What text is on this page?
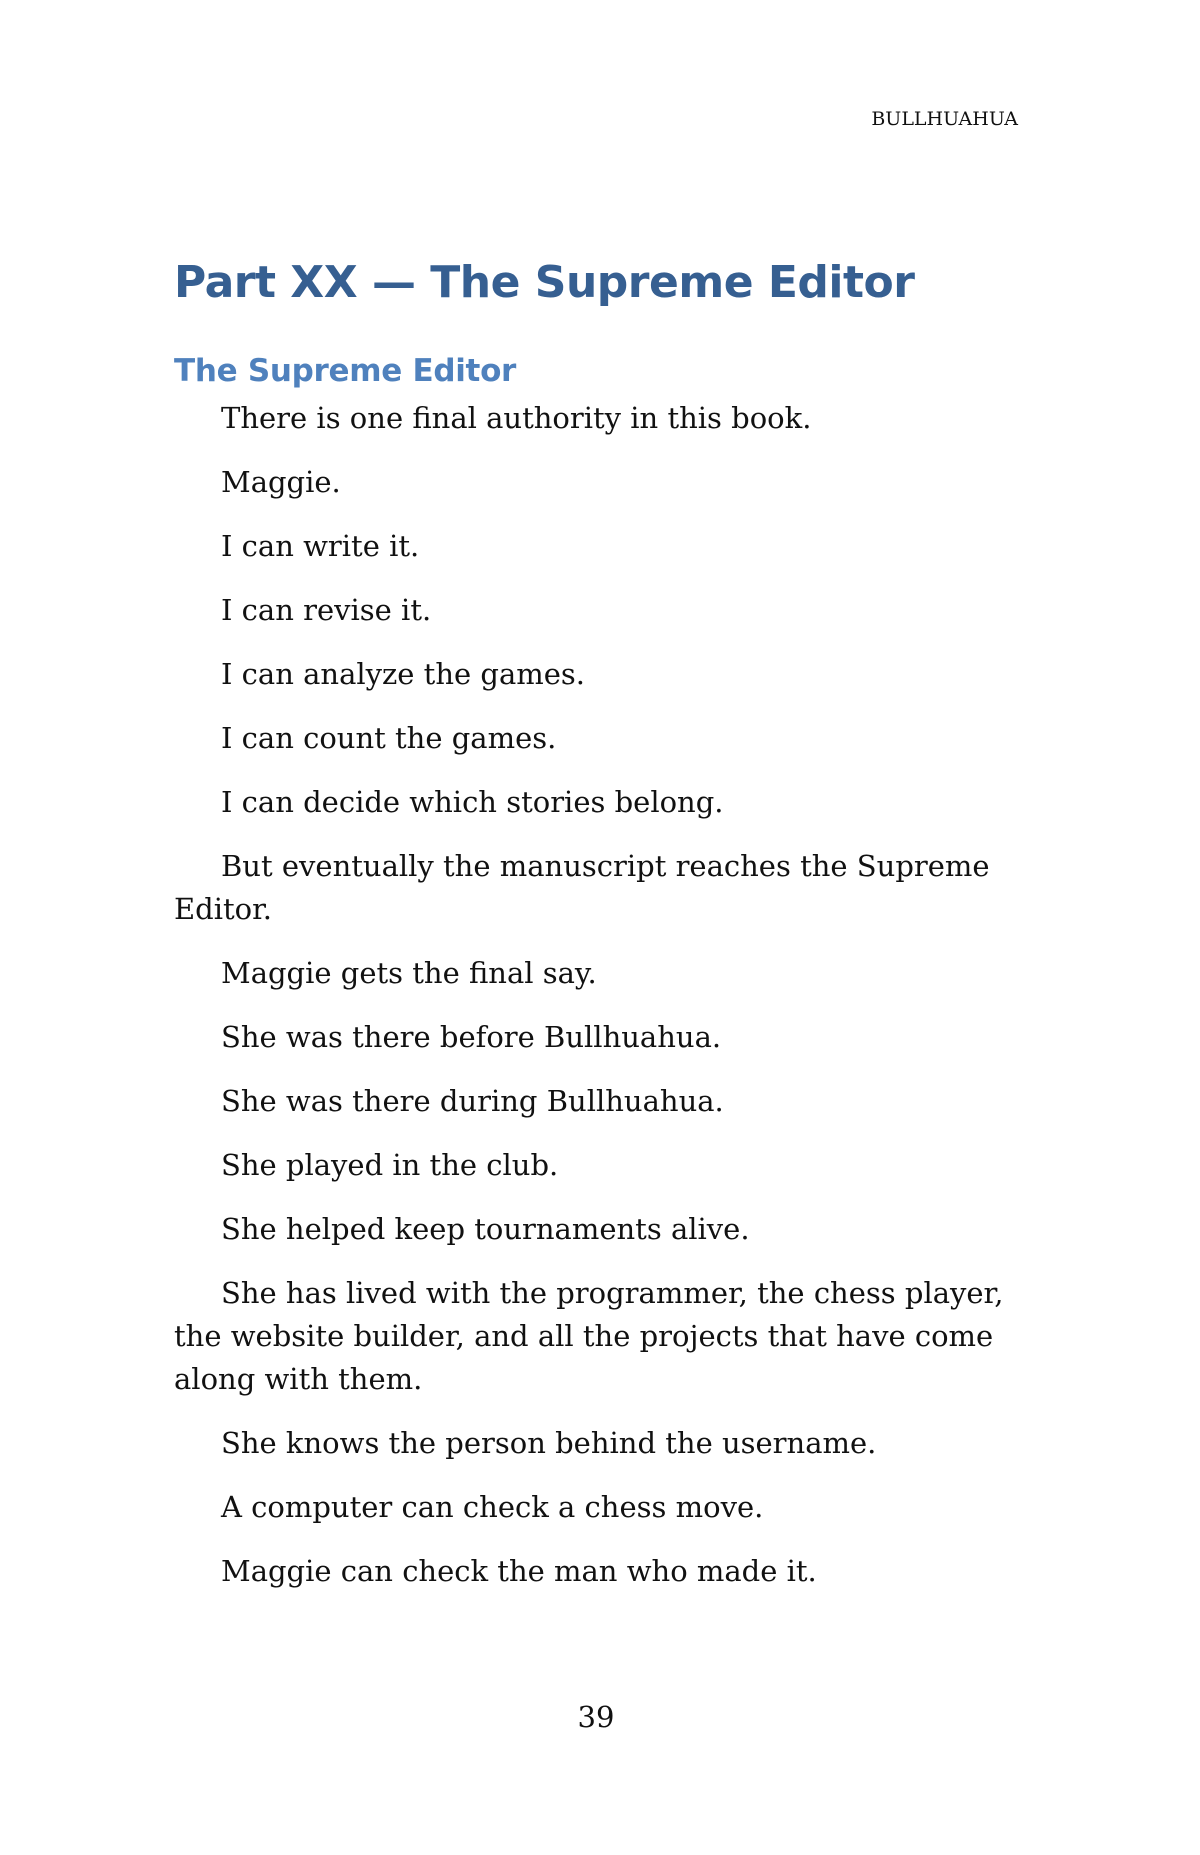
BULLHUAHUA
Part XX — The Supreme Editor
The Supreme Editor

There is one final authority in this book.

Maggie.

I can write it.

I can revise it.

I can analyze the games.

I can count the games.

I can decide which stories belong.

But eventually the manuscript reaches the Supreme Editor.

Maggie gets the final say.

She was there before Bullhuahua.

She was there during Bullhuahua.

She played in the club.

She helped keep tournaments alive.

She has lived with the programmer, the chess player, the website builder, and all the projects that have come along with them.

She knows the person behind the username.

A computer can check a chess move.

Maggie can check the man who made it.

39
